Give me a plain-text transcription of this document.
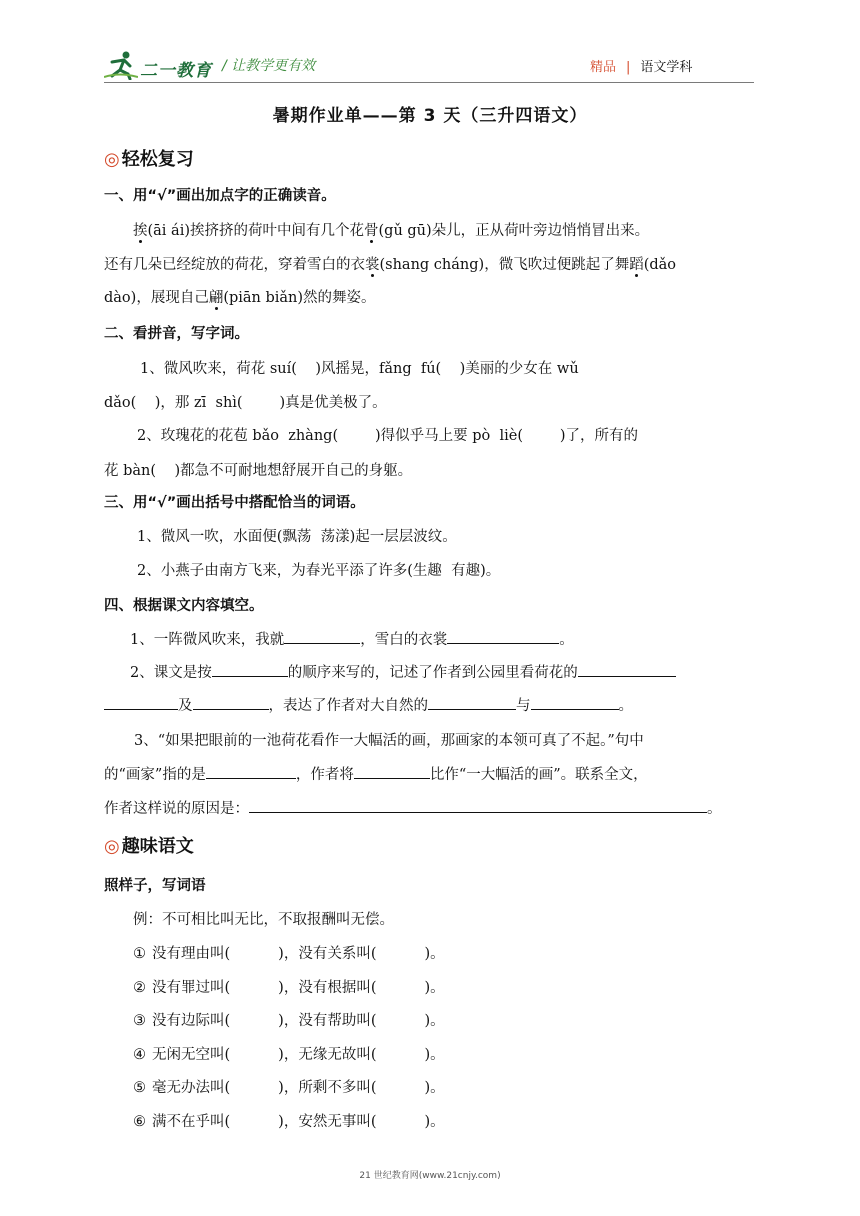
二一教育 / 让教学更有效	精品 | 语文学科
暑期作业单——第 3 天（三升四语文）
◎ 轻松复习
一、用“√”画出加点字的正确读音。
挨(āi ái)挨挤挤的荷叶中间有几个花骨(gǔ gū)朵儿，正从荷叶旁边悄悄冒出来。
还有几朵已经绽放的荷花，穿着雪白的衣裳(shang cháng)，微飞吹过便跳起了舞蹈(dǎo
dào)，展现自己翩(piān biǎn)然的舞姿。
二、看拼音，写字词。
1、微风吹来，荷花 suí(    )风摇晃，fǎng  fú(    )美丽的少女在 wǔ
dǎo(    )，那 zī  shì(        )真是优美极了。
2、玫瑰花的花苞 bǎo  zhàng(        )得似乎马上要 pò  liè(        )了，所有的
花 bàn(    )都急不可耐地想舒展开自己的身躯。
三、用“√”画出括号中搭配恰当的词语。
1、微风一吹，水面便(飘荡  荡漾)起一层层波纹。
2、小燕子由南方飞来，为春光平添了许多(生趣  有趣)。
四、根据课文内容填空。
1、一阵微风吹来，我就	，雪白的衣裳	。
2、课文是按	的顺序来写的，记述了作者到公园里看荷花的
及	，表达了作者对大自然的	与	。
3、“如果把眼前的一池荷花看作一大幅活的画，那画家的本领可真了不起。”句中
的“画家”指的是	，作者将	比作“一大幅活的画”。联系全文，
作者这样说的原因是：	。
◎ 趣味语文
照样子，写词语
例：不可相比叫无比，不取报酬叫无偿。
① 没有理由叫(	)，没有关系叫(	)。
② 没有罪过叫(	)，没有根据叫(	)。
③ 没有边际叫(	)，没有帮助叫(	)。
④ 无闲无空叫(	)，无缘无故叫(	)。
⑤ 毫无办法叫(	)，所剩不多叫(	)。
⑥ 满不在乎叫(	)，安然无事叫(	)。
21 世纪教育网(www.21cnjy.com)
